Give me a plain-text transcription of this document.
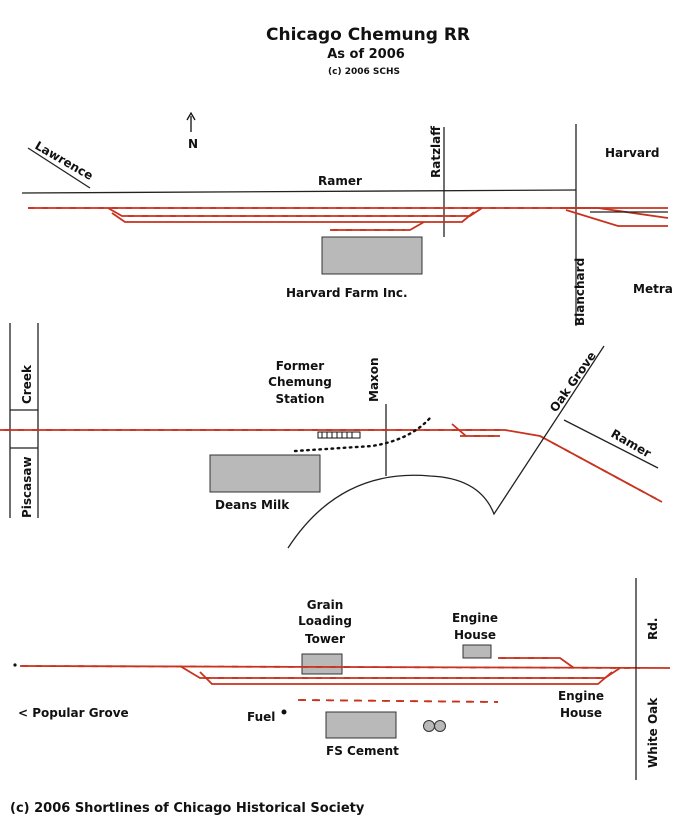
Chicago Chemung RR
As of 2006
(c) 2006 SCHS
N
Lawrence	Ramer
Ratzlaff	Harvard
Blanchard	Metra
Harvard Farm Inc.
Creek
Piscasaw
Former
Chemung
Station	Maxon	Oak Grove
Ramer
Deans Milk
Grain
Loading
Tower
Engine
House
Engine
House
< Popular Grove	Fuel
FS Cement
Rd.
White Oak
(c) 2006 Shortlines of Chicago Historical Society
